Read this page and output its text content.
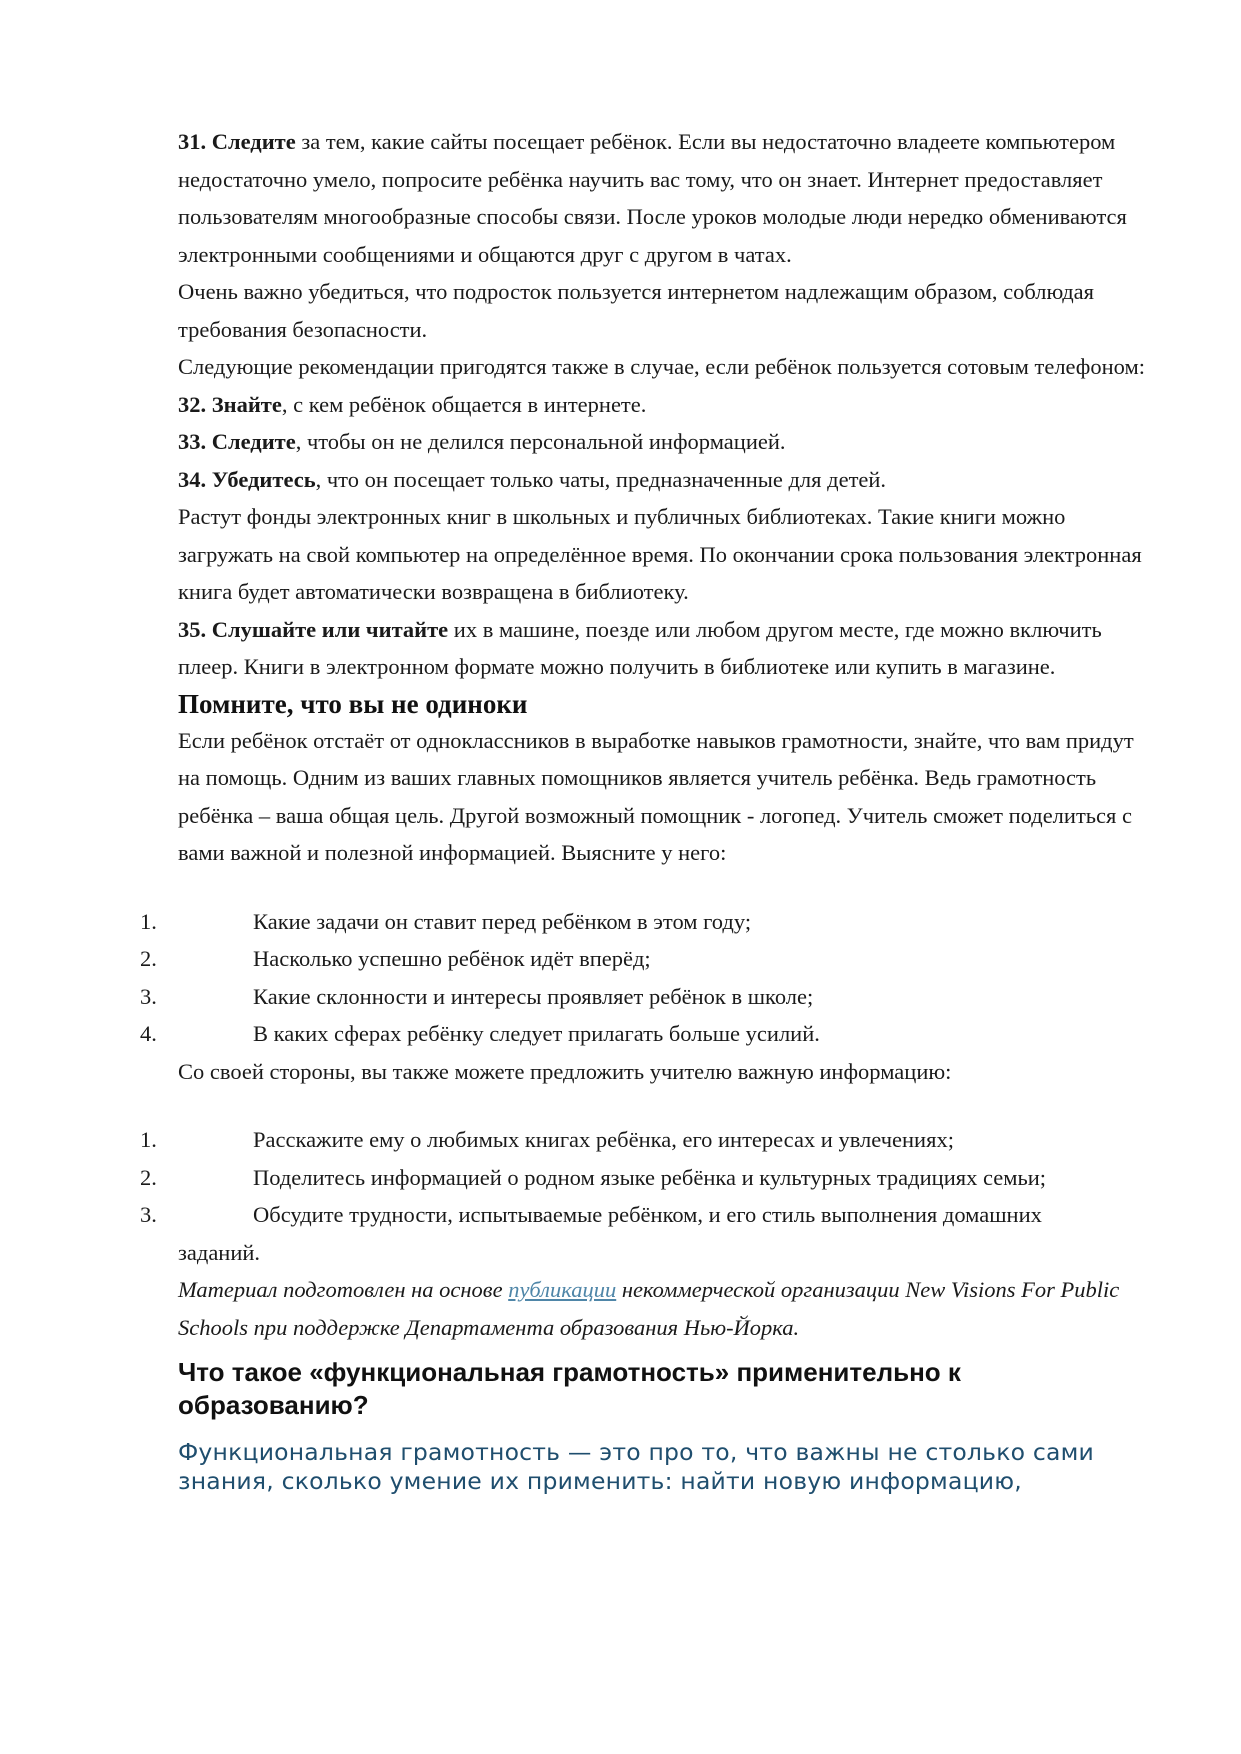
31. Следите за тем, какие сайты посещает ребёнок. Если вы недостаточно владеете компьютером недостаточно умело, попросите ребёнка научить вас тому, что он знает. Интернет предоставляет пользователям многообразные способы связи. После уроков молодые люди нередко обмениваются электронными сообщениями и общаются друг с другом в чатах.

Очень важно убедиться, что подросток пользуется интернетом надлежащим образом, соблюдая требования безопасности.

Следующие рекомендации пригодятся также в случае, если ребёнок пользуется сотовым телефоном:

32. Знайте, с кем ребёнок общается в интернете.

33. Следите, чтобы он не делился персональной информацией.

34. Убедитесь, что он посещает только чаты, предназначенные для детей.

Растут фонды электронных книг в школьных и публичных библиотеках. Такие книги можно загружать на свой компьютер на определённое время. По окончании срока пользования электронная книга будет автоматически возвращена в библиотеку.

35. Слушайте или читайте их в машине, поезде или любом другом месте, где можно включить плеер. Книги в электронном формате можно получить в библиотеке или купить в магазине.

Помните, что вы не одиноки

Если ребёнок отстаёт от одноклассников в выработке навыков грамотности, знайте, что вам придут на помощь. Одним из ваших главных помощников является учитель ребёнка. Ведь грамотность ребёнка – ваша общая цель. Другой возможный помощник - логопед. Учитель сможет поделиться с вами важной и полезной информацией. Выясните у него:

1.	Какие задачи он ставит перед ребёнком в этом году;
2.	Насколько успешно ребёнок идёт вперёд;
3.	Какие склонности и интересы проявляет ребёнок в школе;
4.	В каких сферах ребёнку следует прилагать больше усилий.

Со своей стороны, вы также можете предложить учителю важную информацию:

1.	Расскажите ему о любимых книгах ребёнка, его интересах и увлечениях;
2.	Поделитесь информацией о родном языке ребёнка и культурных традициях семьи;
3.	Обсудите трудности, испытываемые ребёнком, и его стиль выполнения домашних
заданий.

Материал подготовлен на основе публикации некоммерческой организации New Visions For Public Schools при поддержке Департамента образования Нью-Йорка.

Что такое «функциональная грамотность» применительно к образованию?

Функциональная грамотность — это про то, что важны не столько сами знания, сколько умение их применить: найти новую информацию,
